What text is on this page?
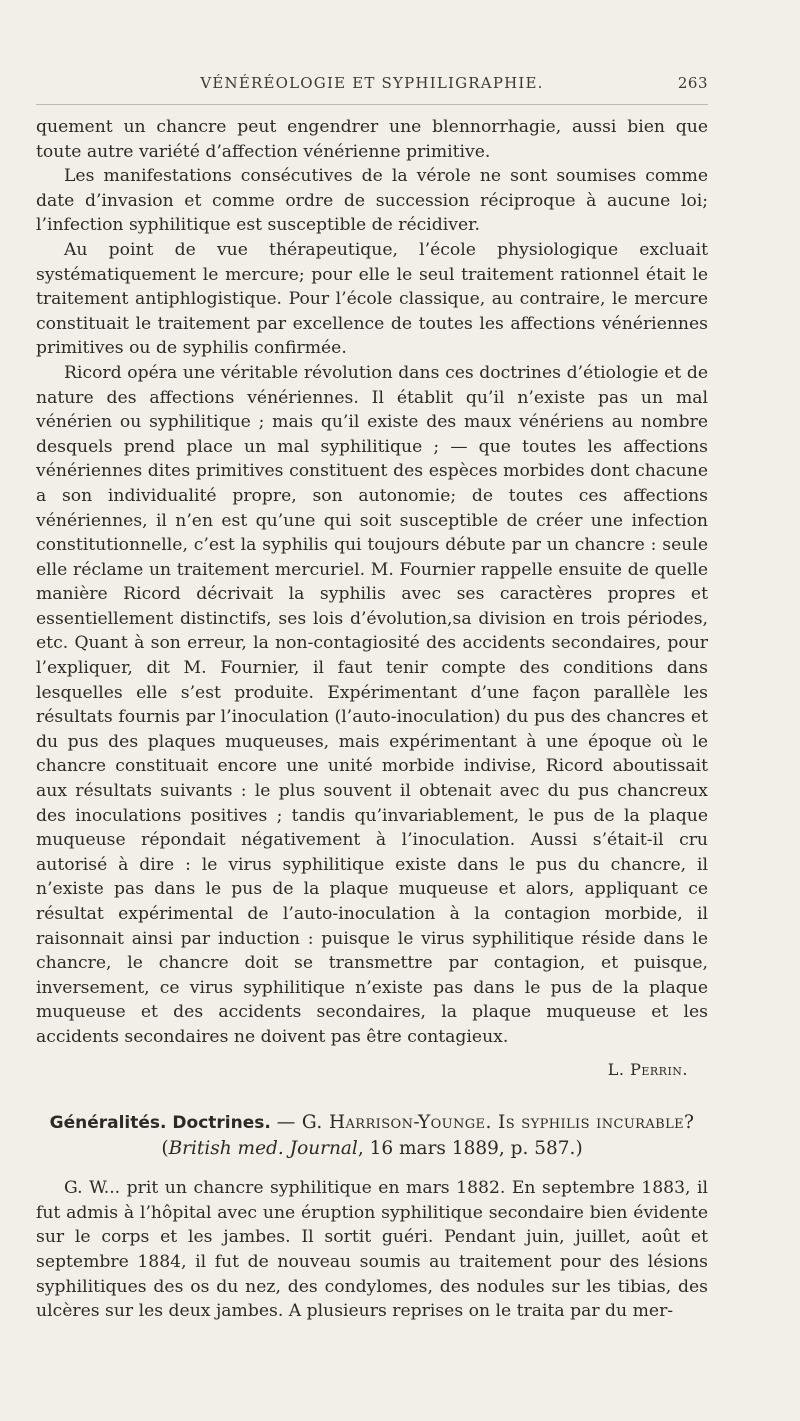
VÉNÉRÉOLOGIE ET SYPHILIGRAPHIE.	263

quement un chancre peut engendrer une blennorrhagie, aussi bien que toute autre variété d’affection vénérienne primitive.

Les manifestations consécutives de la vérole ne sont soumises comme date d’invasion et comme ordre de succession réciproque à aucune loi; l’infection syphilitique est susceptible de récidiver.

Au point de vue thérapeutique, l’école physiologique excluait systématiquement le mercure; pour elle le seul traitement rationnel était le traitement antiphlogistique. Pour l’école classique, au contraire, le mercure constituait le traitement par excellence de toutes les affections vénériennes primitives ou de syphilis confirmée.

Ricord opéra une véritable révolution dans ces doctrines d’étiologie et de nature des affections vénériennes. Il établit qu’il n’existe pas un mal vénérien ou syphilitique ; mais qu’il existe des maux vénériens au nombre desquels prend place un mal syphilitique ; — que toutes les affections vénériennes dites primitives constituent des espèces morbides dont chacune a son individualité propre, son autonomie; de toutes ces affections vénériennes, il n’en est qu’une qui soit susceptible de créer une infection constitutionnelle, c’est la syphilis qui toujours débute par un chancre : seule elle réclame un traitement mercuriel. M. Fournier rappelle ensuite de quelle manière Ricord décrivait la syphilis avec ses caractères propres et essentiellement distinctifs, ses lois d’évolution,sa division en trois périodes, etc. Quant à son erreur, la non-contagiosité des accidents secondaires, pour l’expliquer, dit M. Fournier, il faut tenir compte des conditions dans lesquelles elle s’est produite. Expérimentant d’une façon parallèle les résultats fournis par l’inoculation (l’auto-inoculation) du pus des chancres et du pus des plaques muqueuses, mais expérimentant à une époque où le chancre constituait encore une unité morbide indivise, Ricord aboutissait aux résultats suivants : le plus souvent il obtenait avec du pus chancreux des inoculations positives ; tandis qu’invariablement, le pus de la plaque muqueuse répondait négativement à l’inoculation. Aussi s’était-il cru autorisé à dire : le virus syphilitique existe dans le pus du chancre, il n’existe pas dans le pus de la plaque muqueuse et alors, appliquant ce résultat expérimental de l’auto-inoculation à la contagion morbide, il raisonnait ainsi par induction : puisque le virus syphilitique réside dans le chancre, le chancre doit se transmettre par contagion, et puisque, inversement, ce virus syphilitique n’existe pas dans le pus de la plaque muqueuse et des accidents secondaires, la plaque muqueuse et les accidents secondaires ne doivent pas être contagieux.

L. Perrin.
Généralités. Doctrines. — G. Harrison-Younge. Is syphilis incurable?
(British med. Journal, 16 mars 1889, p. 587.)

G. W... prit un chancre syphilitique en mars 1882. En septembre 1883, il fut admis à l’hôpital avec une éruption syphilitique secondaire bien évidente sur le corps et les jambes. Il sortit guéri. Pendant juin, juillet, août et septembre 1884, il fut de nouveau soumis au traitement pour des lésions syphilitiques des os du nez, des condylomes, des nodules sur les tibias, des ulcères sur les deux jambes. A plusieurs reprises on le traita par du mer-
